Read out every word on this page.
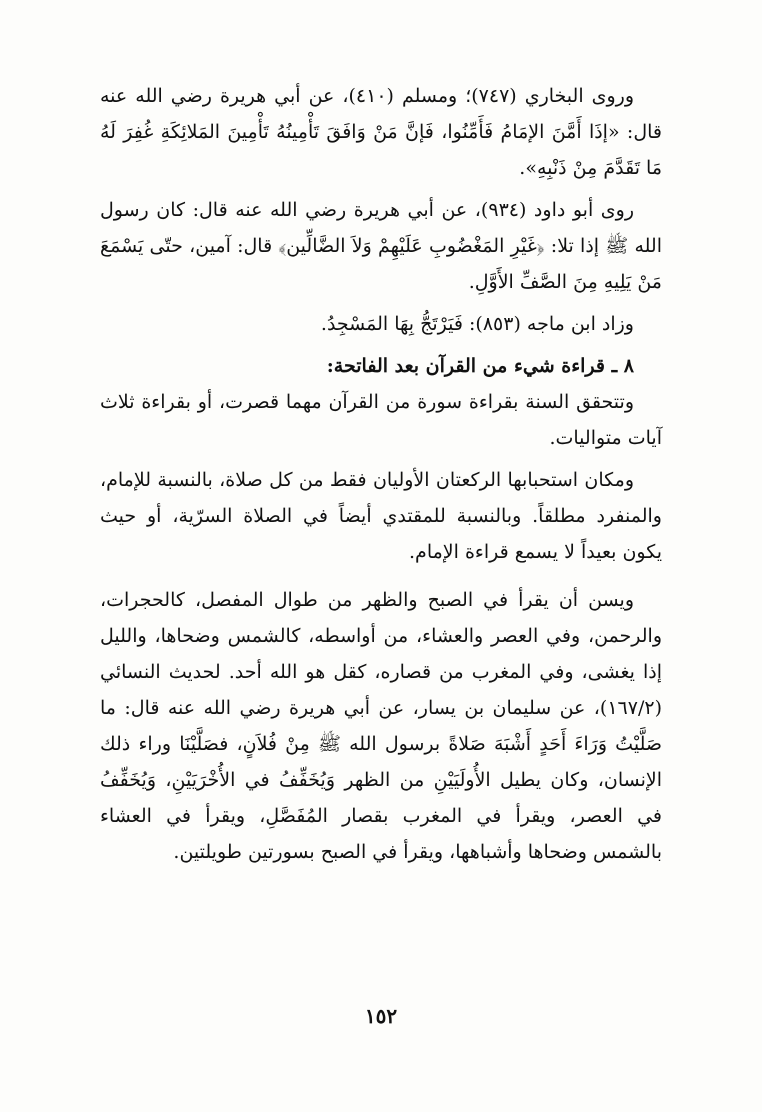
وروى البخاري (٧٤٧)؛ ومسلم (٤١٠)، عن أبي هريرة رضي الله عنه قال: «إذَا أَمَّنَ الإمَامُ فَأَمِّنُوا، فَإنَّ مَنْ وَافَقَ تَأْمِينُهُ تَأْمِينَ المَلائِكَةِ غُفِرَ لَهُ مَا تَقَدَّمَ مِنْ ذَنْبِهِ».

روى أبو داود (٩٣٤)، عن أبي هريرة رضي الله عنه قال: كان رسول الله ﷺ إذا تلا: ﴿غَيْرِ المَغْضُوبِ عَلَيْهِمْ وَلاَ الضَّالِّين﴾ قال: آمين، حتّى يَسْمَعَ مَنْ يَلِيهِ مِنَ الصَّفِّ الأَوَّلِ.

وزاد ابن ماجه (٨٥٣): فَيَرْتَجُّ بِهَا المَسْجِدُ.

٨ ـ قراءة شيء من القرآن بعد الفاتحة:

وتتحقق السنة بقراءة سورة من القرآن مهما قصرت، أو بقراءة ثلاث آيات متواليات.

ومكان استحبابها الركعتان الأوليان فقط من كل صلاة، بالنسبة للإمام، والمنفرد مطلقاً. وبالنسبة للمقتدي أيضاً في الصلاة السرّية، أو حيث يكون بعيداً لا يسمع قراءة الإمام.

ويسن أن يقرأ في الصبح والظهر من طوال المفصل، كالحجرات، والرحمن، وفي العصر والعشاء، من أواسطه، كالشمس وضحاها، والليل إذا يغشى، وفي المغرب من قصاره، كقل هو الله أحد. لحديث النسائي (١٦٧/٢)، عن سليمان بن يسار، عن أبي هريرة رضي الله عنه قال: ما صَلَّيْتُ وَرَاءَ أَحَدٍ أَشْبَهَ صَلاةً برسول الله ﷺ مِنْ فُلاَنٍ، فصَلَّيْنَا وراء ذلك الإنسان، وكان يطيل الأُولَيَيْنِ من الظهر وَيُخَفِّفُ في الأُخْرَيَيْنِ، وَيُخَفِّفُ في العصر، ويقرأ في المغرب بقصار المُفَصَّلِ، ويقرأ في العشاء بالشمس وضحاها وأشباهها، ويقرأ في الصبح بسورتين طويلتين.

١٥٢
